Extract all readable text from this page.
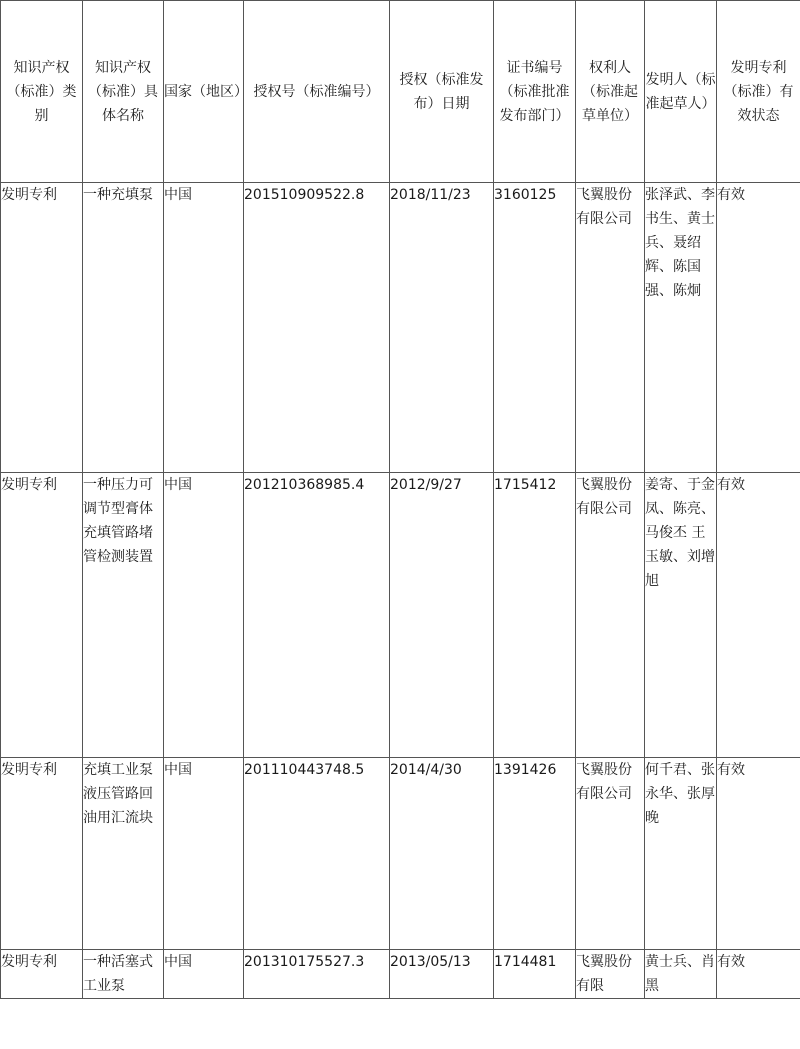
知识产权（标准）类别	知识产权（标准）具体名称	国家（地区）	授权号（标准编号）	授权（标准发布）日期	证书编号（标准批准发布部门）	权利人（标准起草单位）	发明人（标准起草人）	发明专利（标准）有效状态
发明专利	一种充填泵	中国	201510909522.8	2018/11/23	3160125	飞翼股份有限公司	张泽武、李书生、黄士兵、聂绍辉、陈国强、陈炯	有效
发明专利	一种压力可调节型膏体充填管路堵管检测装置	中国	201210368985.4	2012/9/27	1715412	飞翼股份有限公司	姜寄、于金凤、陈亮、马俊丕 王玉敏、刘增旭	有效
发明专利	充填工业泵液压管路回油用汇流块	中国	201110443748.5	2014/4/30	1391426	飞翼股份有限公司	何千君、张永华、张厚晚	有效
发明专利	一种活塞式工业泵	中国	201310175527.3	2013/05/13	1714481	飞翼股份有限	黄士兵、肖黑	有效
